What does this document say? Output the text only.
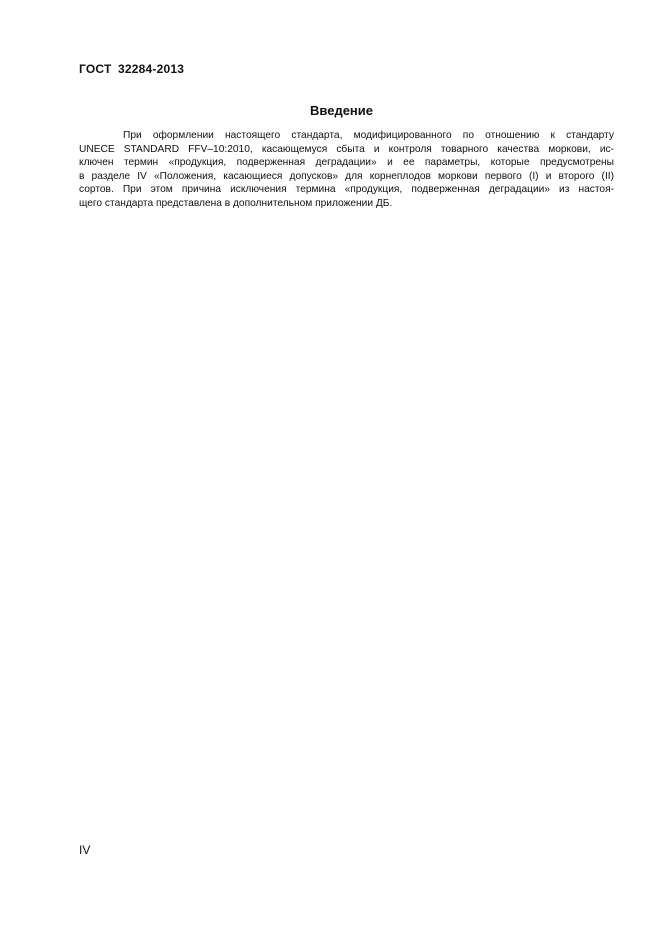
ГОСТ 32284-2013
Введение
При оформлении настоящего стандарта, модифицированного по отношению к стандарту
UNECE STANDARD FFV–10:2010, касающемуся сбыта и контроля товарного качества моркови, ис-
ключен термин «продукция, подверженная деградации» и ее параметры, которые предусмотрены
в разделе IV «Положения, касающиеся допусков» для корнеплодов моркови первого (I) и второго (II)
сортов. При этом причина исключения термина «продукция, подверженная деградации» из настоя-
щего стандарта представлена в дополнительном приложении ДБ.
IV
